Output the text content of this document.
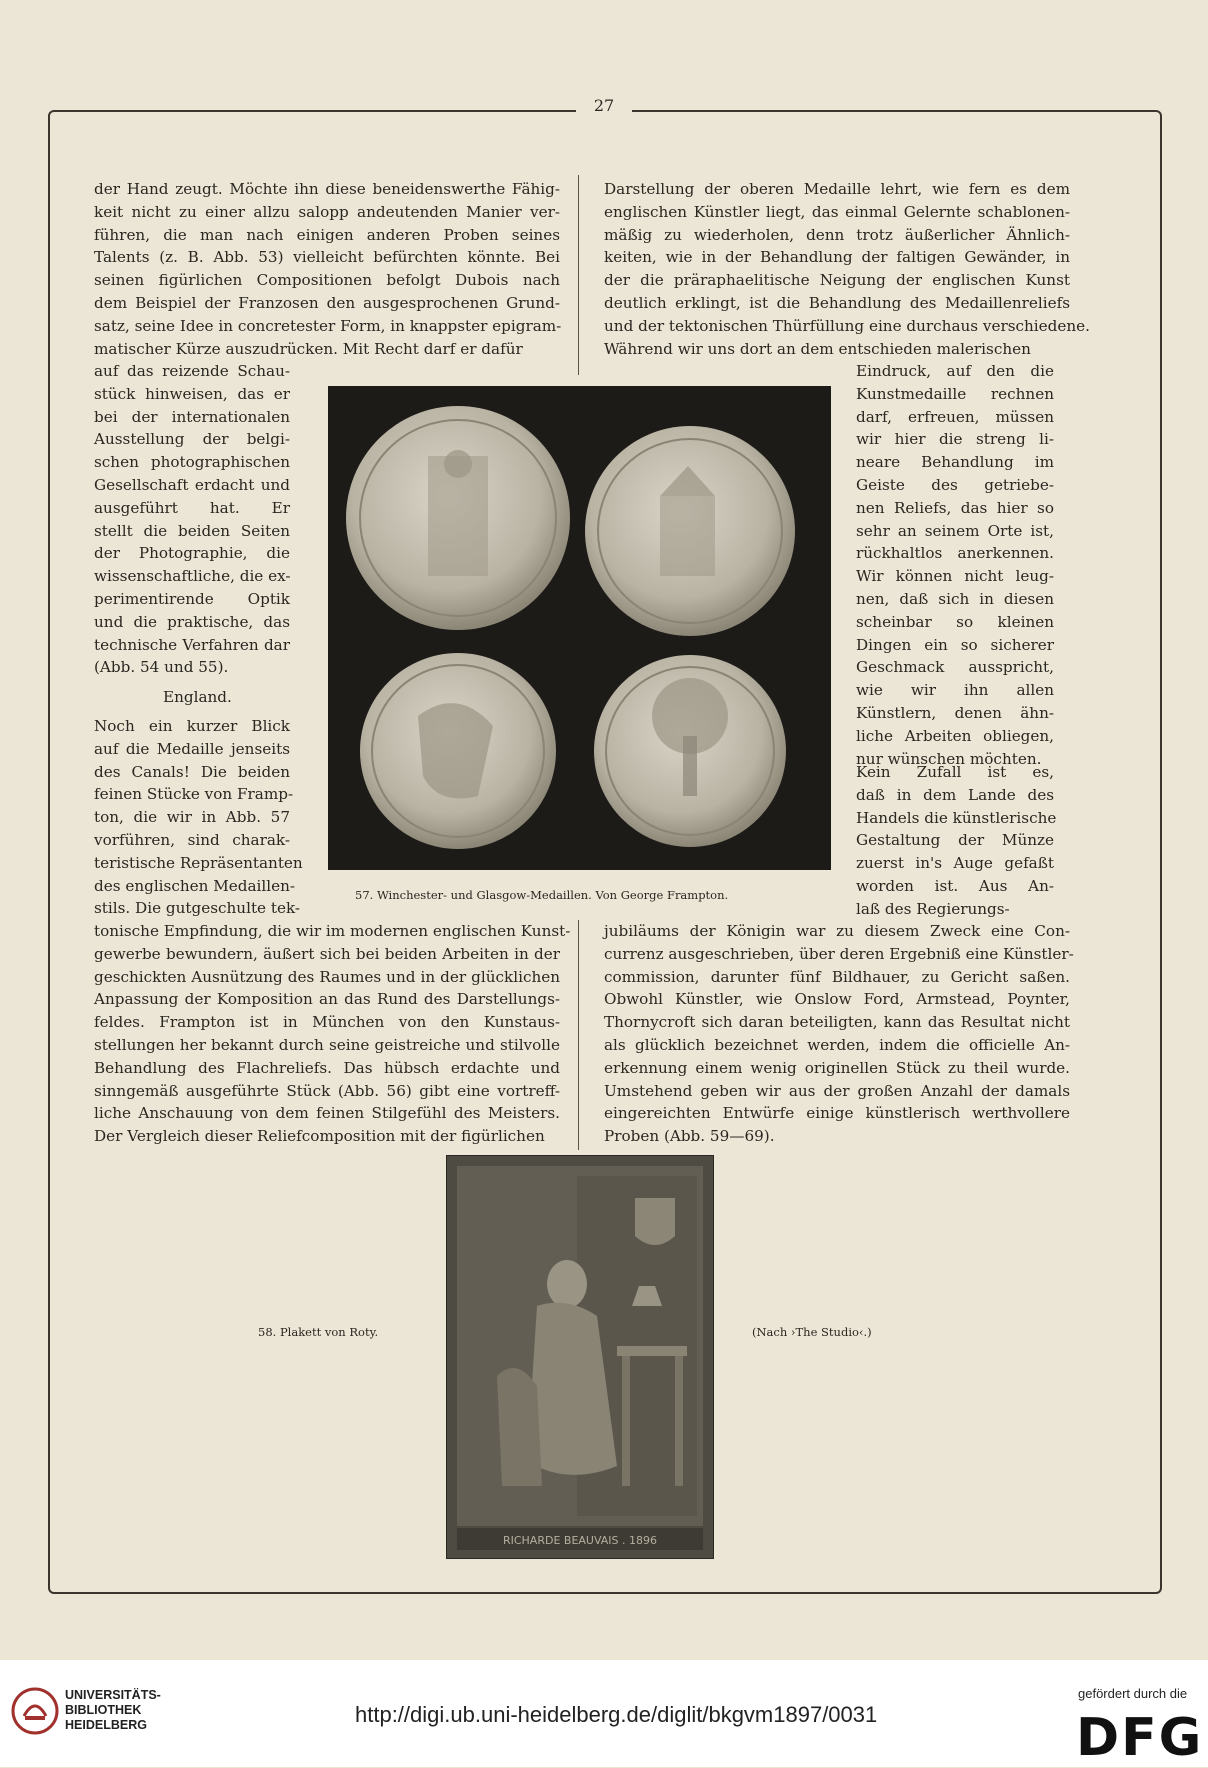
27
der Hand zeugt. Möchte ihn diese beneidenswerthe Fähig-
keit nicht zu einer allzu salopp andeutenden Manier ver-
führen, die man nach einigen anderen Proben seines
Talents (z. B. Abb. 53) vielleicht befürchten könnte. Bei
seinen figürlichen Compositionen befolgt Dubois nach
dem Beispiel der Franzosen den ausgesprochenen Grund-
satz, seine Idee in concretester Form, in knappster epigram-
matischer Kürze auszudrücken. Mit Recht darf er dafür
auf das reizende Schau-
stück hinweisen, das er
bei der internationalen
Ausstellung der belgi-
schen photographischen
Gesellschaft erdacht und
ausgeführt hat. Er
stellt die beiden Seiten
der Photographie, die
wissenschaftliche, die ex-
perimentirende Optik
und die praktische, das
technische Verfahren dar
(Abb. 54 und 55).
England.
Noch ein kurzer Blick
auf die Medaille jenseits
des Canals! Die beiden
feinen Stücke von Framp-
ton, die wir in Abb. 57
vorführen, sind charak-
teristische Repräsentanten
des englischen Medaillen-
stils. Die gutgeschulte tek-
tonische Empfindung, die wir im modernen englischen Kunst-
gewerbe bewundern, äußert sich bei beiden Arbeiten in der
geschickten Ausnützung des Raumes und in der glücklichen
Anpassung der Komposition an das Rund des Darstellungs-
feldes. Frampton ist in München von den Kunstaus-
stellungen her bekannt durch seine geistreiche und stilvolle
Behandlung des Flachreliefs. Das hübsch erdachte und
sinngemäß ausgeführte Stück (Abb. 56) gibt eine vortreff-
liche Anschauung von dem feinen Stilgefühl des Meisters.
Der Vergleich dieser Reliefcomposition mit der figürlichen
Darstellung der oberen Medaille lehrt, wie fern es dem
englischen Künstler liegt, das einmal Gelernte schablonen-
mäßig zu wiederholen, denn trotz äußerlicher Ähnlich-
keiten, wie in der Behandlung der faltigen Gewänder, in
der die präraphaelitische Neigung der englischen Kunst
deutlich erklingt, ist die Behandlung des Medaillenreliefs
und der tektonischen Thürfüllung eine durchaus verschiedene.
Während wir uns dort an dem entschieden malerischen
Eindruck, auf den die
Kunstmedaille rechnen
darf, erfreuen, müssen
wir hier die streng li-
neare Behandlung im
Geiste des getriebe-
nen Reliefs, das hier so
sehr an seinem Orte ist,
rückhaltlos anerkennen.
Wir können nicht leug-
nen, daß sich in diesen
scheinbar so kleinen
Dingen ein so sicherer
Geschmack ausspricht,
wie wir ihn allen
Künstlern, denen ähn-
liche Arbeiten obliegen,
nur wünschen möchten.
Kein Zufall ist es,
daß in dem Lande des
Handels die künstlerische
Gestaltung der Münze
zuerst in's Auge gefaßt
worden ist. Aus An-
laß des Regierungs-
jubiläums der Königin war zu diesem Zweck eine Con-
currenz ausgeschrieben, über deren Ergebniß eine Künstler-
commission, darunter fünf Bildhauer, zu Gericht saßen.
Obwohl Künstler, wie Onslow Ford, Armstead, Poynter,
Thornycroft sich daran beteiligten, kann das Resultat nicht
als glücklich bezeichnet werden, indem die officielle An-
erkennung einem wenig originellen Stück zu theil wurde.
Umstehend geben wir aus der großen Anzahl der damals
eingereichten Entwürfe einige künstlerisch werthvollere
Proben (Abb. 59—69).
57. Winchester- und Glasgow-Medaillen. Von George Frampton.
RICHARDE BEAUVAIS . 1896
58. Plakett von Roty.	(Nach ›The Studio‹.)
UNIVERSITÄTS-
BIBLIOTHEK
HEIDELBERG	http://digi.ub.uni-heidelberg.de/diglit/bkgvm1897/0031
gefördert durch die
DFG
